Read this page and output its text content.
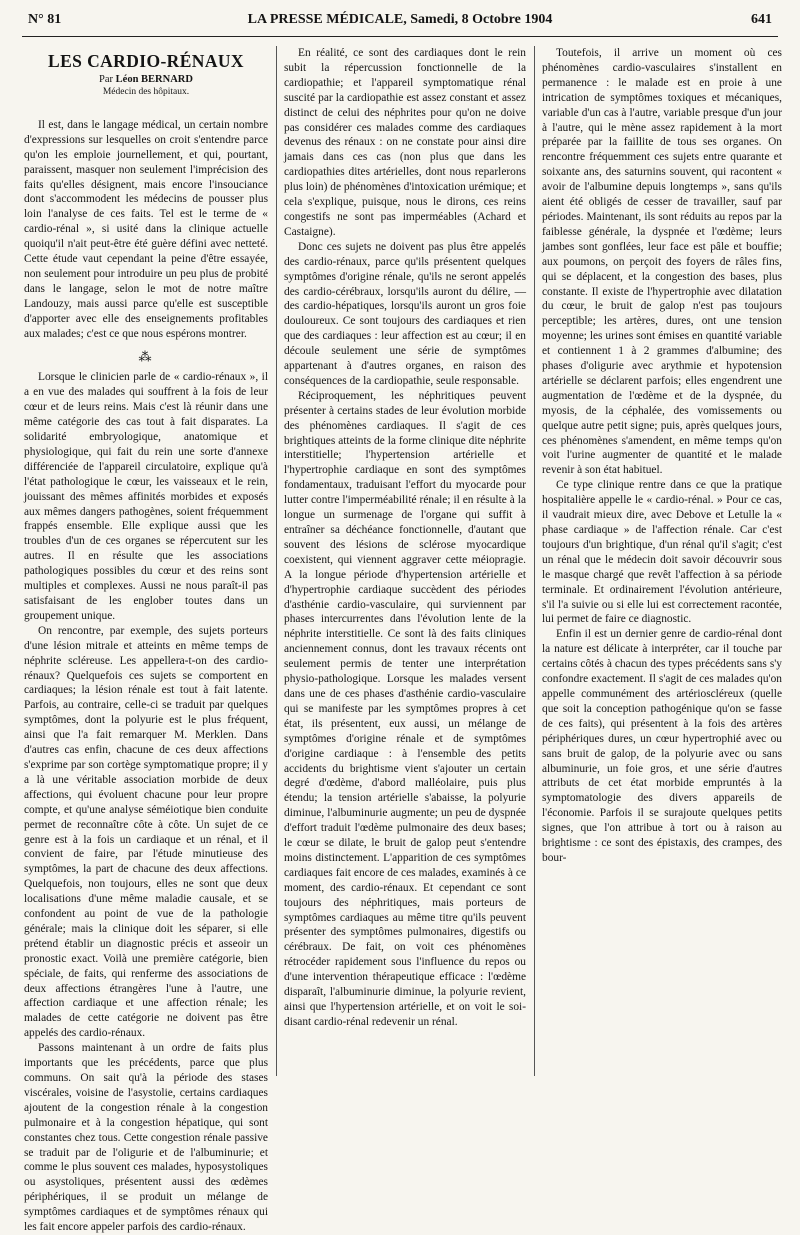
N° 81	LA PRESSE MÉDICALE, Samedi, 8 Octobre 1904	641
LES CARDIO-RÉNAUX
Par Léon BERNARD
Médecin des hôpitaux.

Il est, dans le langage médical, un certain nombre d'expressions sur lesquelles on croit s'entendre parce qu'on les emploie journellement, et qui, pourtant, paraissent, masquer non seulement l'imprécision des faits qu'elles désignent, mais encore l'insouciance dont s'accommodent les médecins de pousser plus loin l'analyse de ces faits. Tel est le terme de « cardio-rénal », si usité dans la clinique actuelle quoiqu'il n'ait peut-être été guère défini avec netteté. Cette étude vaut cependant la peine d'être essayée, non seulement pour introduire un peu plus de probité dans le langage, selon le mot de notre maître Landouzy, mais aussi parce qu'elle est susceptible d'apporter avec elle des enseignements profitables aux malades; c'est ce que nous espérons montrer.

⁂

Lorsque le clinicien parle de « cardio-rénaux », il a en vue des malades qui souffrent à la fois de leur cœur et de leurs reins. Mais c'est là réunir dans une même catégorie des cas tout à fait disparates. La solidarité embryologique, anatomique et physiologique, qui fait du rein une sorte d'annexe différenciée de l'appareil circulatoire, explique qu'à l'état pathologique le cœur, les vaisseaux et le rein, jouissant des mêmes affinités morbides et exposés aux mêmes dangers pathogènes, soient fréquemment frappés ensemble. Elle explique aussi que les troubles d'un de ces organes se répercutent sur les autres. Il en résulte que les associations pathologiques possibles du cœur et des reins sont multiples et complexes. Aussi ne nous paraît-il pas satisfaisant de les englober toutes dans un groupement unique.

On rencontre, par exemple, des sujets porteurs d'une lésion mitrale et atteints en même temps de néphrite scléreuse. Les appellera-t-on des cardio-rénaux? Quelquefois ces sujets se comportent en cardiaques; la lésion rénale est tout à fait latente. Parfois, au contraire, celle-ci se traduit par quelques symptômes, dont la polyurie est le plus fréquent, ainsi que l'a fait remarquer M. Merklen. Dans d'autres cas enfin, chacune de ces deux affections s'exprime par son cortège symptomatique propre; il y a là une véritable association morbide de deux affections, qui évoluent chacune pour leur propre compte, et qu'une analyse séméiotique bien conduite permet de reconnaître côte à côte. Un sujet de ce genre est à la fois un cardiaque et un rénal, et il convient de faire, par l'étude minutieuse des symptômes, la part de chacune des deux affections. Quelquefois, non toujours, elles ne sont que deux localisations d'une même maladie causale, et se confondent au point de vue de la pathologie générale; mais la clinique doit les séparer, si elle prétend établir un diagnostic précis et asseoir un pronostic exact. Voilà une première catégorie, bien spéciale, de faits, qui renferme des associations de deux affections étrangères l'une à l'autre, une affection cardiaque et une affection rénale; les malades de cette catégorie ne doivent pas être appelés des cardio-rénaux.

Passons maintenant à un ordre de faits plus importants que les précédents, parce que plus communs. On sait qu'à la période des stases viscérales, voisine de l'asystolie, certains cardiaques ajoutent de la congestion rénale à la congestion pulmonaire et à la congestion hépatique, qui sont constantes chez tous. Cette congestion rénale passive se traduit par de l'oligurie et de l'albuminurie; et comme le plus souvent ces malades, hyposystoliques ou asystoliques, présentent aussi des œdèmes périphériques, il se produit un mélange de symptômes cardiaques et de symptômes rénaux qui les fait encore appeler parfois des cardio-rénaux.

En réalité, ce sont des cardiaques dont le rein subit la répercussion fonctionnelle de la cardiopathie; et l'appareil symptomatique rénal suscité par la cardiopathie est assez constant et assez distinct de celui des néphrites pour qu'on ne doive pas considérer ces malades comme des cardiaques devenus des rénaux : on ne constate pour ainsi dire jamais dans ces cas (non plus que dans les cardiopathies dites artérielles, dont nous reparlerons plus loin) de phénomènes d'intoxication urémique; et cela s'explique, puisque, nous le dirons, ces reins congestifs ne sont pas imperméables (Achard et Castaigne).

Donc ces sujets ne doivent pas plus être appelés des cardio-rénaux, parce qu'ils présentent quelques symptômes d'origine rénale, qu'ils ne seront appelés des cardio-cérébraux, lorsqu'ils auront du délire, — des cardio-hépatiques, lorsqu'ils auront un gros foie douloureux. Ce sont toujours des cardiaques et rien que des cardiaques : leur affection est au cœur; il en découle seulement une série de symptômes appartenant à d'autres organes, en raison des conséquences de la cardiopathie, seule responsable.

Réciproquement, les néphritiques peuvent présenter à certains stades de leur évolution morbide des phénomènes cardiaques. Il s'agit de ces brightiques atteints de la forme clinique dite néphrite interstitielle; l'hypertension artérielle et l'hypertrophie cardiaque en sont des symptômes fondamentaux, traduisant l'effort du myocarde pour lutter contre l'imperméabilité rénale; il en résulte à la longue un surmenage de l'organe qui suffit à entraîner sa déchéance fonctionnelle, d'autant que souvent des lésions de sclérose myocardique coexistent, qui viennent aggraver cette méiopragie. A la longue période d'hypertension artérielle et d'hypertrophie cardiaque succèdent des périodes d'asthénie cardio-vasculaire, qui surviennent par phases intercurrentes dans l'évolution lente de la néphrite interstitielle. Ce sont là des faits cliniques anciennement connus, dont les travaux récents ont seulement permis de tenter une interprétation physio-pathologique. Lorsque les malades versent dans une de ces phases d'asthénie cardio-vasculaire qui se manifeste par les symptômes propres à cet état, ils présentent, eux aussi, un mélange de symptômes d'origine rénale et de symptômes d'origine cardiaque : à l'ensemble des petits accidents du brightisme vient s'ajouter un certain degré d'œdème, d'abord malléolaire, puis plus étendu; la tension artérielle s'abaisse, la polyurie diminue, l'albuminurie augmente; un peu de dyspnée d'effort traduit l'œdème pulmonaire des deux bases; le cœur se dilate, le bruit de galop peut s'entendre moins distinctement. L'apparition de ces symptômes cardiaques fait encore de ces malades, examinés à ce moment, des cardio-rénaux. Et cependant ce sont toujours des néphritiques, mais porteurs de symptômes cardiaques au même titre qu'ils peuvent présenter des symptômes pulmonaires, digestifs ou cérébraux. De fait, on voit ces phénomènes rétrocéder rapidement sous l'influence du repos ou d'une intervention thérapeutique efficace : l'œdème disparaît, l'albuminurie diminue, la polyurie revient, ainsi que l'hypertension artérielle, et on voit le soi-disant cardio-rénal redevenir un rénal.

Toutefois, il arrive un moment où ces phénomènes cardio-vasculaires s'installent en permanence : le malade est en proie à une intrication de symptômes toxiques et mécaniques, variable d'un cas à l'autre, variable presque d'un jour à l'autre, qui le mène assez rapidement à la mort préparée par la faillite de tous ses organes. On rencontre fréquemment ces sujets entre quarante et soixante ans, des saturnins souvent, qui racontent « avoir de l'albumine depuis longtemps », sans qu'ils aient été obligés de cesser de travailler, sauf par périodes. Maintenant, ils sont réduits au repos par la faiblesse générale, la dyspnée et l'œdème; leurs jambes sont gonflées, leur face est pâle et bouffie; aux poumons, on perçoit des foyers de râles fins, qui se déplacent, et la congestion des bases, plus constante. Il existe de l'hypertrophie avec dilatation du cœur, le bruit de galop n'est pas toujours perceptible; les artères, dures, ont une tension moyenne; les urines sont émises en quantité variable et contiennent 1 à 2 grammes d'albumine; des phases d'oligurie avec arythmie et hypotension artérielle se déclarent parfois; elles engendrent une augmentation de l'œdème et de la dyspnée, du myosis, de la céphalée, des vomissements ou quelque autre petit signe; puis, après quelques jours, ces phénomènes s'amendent, en même temps qu'on voit l'urine augmenter de quantité et le malade revenir à son état habituel.

Ce type clinique rentre dans ce que la pratique hospitalière appelle le « cardio-rénal. » Pour ce cas, il vaudrait mieux dire, avec Debove et Letulle la « phase cardiaque » de l'affection rénale. Car c'est toujours d'un brightique, d'un rénal qu'il s'agit; c'est un rénal que le médecin doit savoir découvrir sous le masque chargé que revêt l'affection à sa période terminale. Et ordinairement l'évolution antérieure, s'il l'a suivie ou si elle lui est correctement racontée, lui permet de faire ce diagnostic.

Enfin il est un dernier genre de cardio-rénal dont la nature est délicate à interpréter, car il touche par certains côtés à chacun des types précédents sans s'y confondre exactement. Il s'agit de ces malades qu'on appelle communément des artérioscléreux (quelle que soit la conception pathogénique qu'on se fasse de ces faits), qui présentent à la fois des artères périphériques dures, un cœur hypertrophié avec ou sans bruit de galop, de la polyurie avec ou sans albuminurie, un foie gros, et une série d'autres attributs de cet état morbide empruntés à la symptomatologie des divers appareils de l'économie. Parfois il se surajoute quelques petits signes, que l'on attribue à tort ou à raison au brightisme : ce sont des épistaxis, des crampes, des bour-
